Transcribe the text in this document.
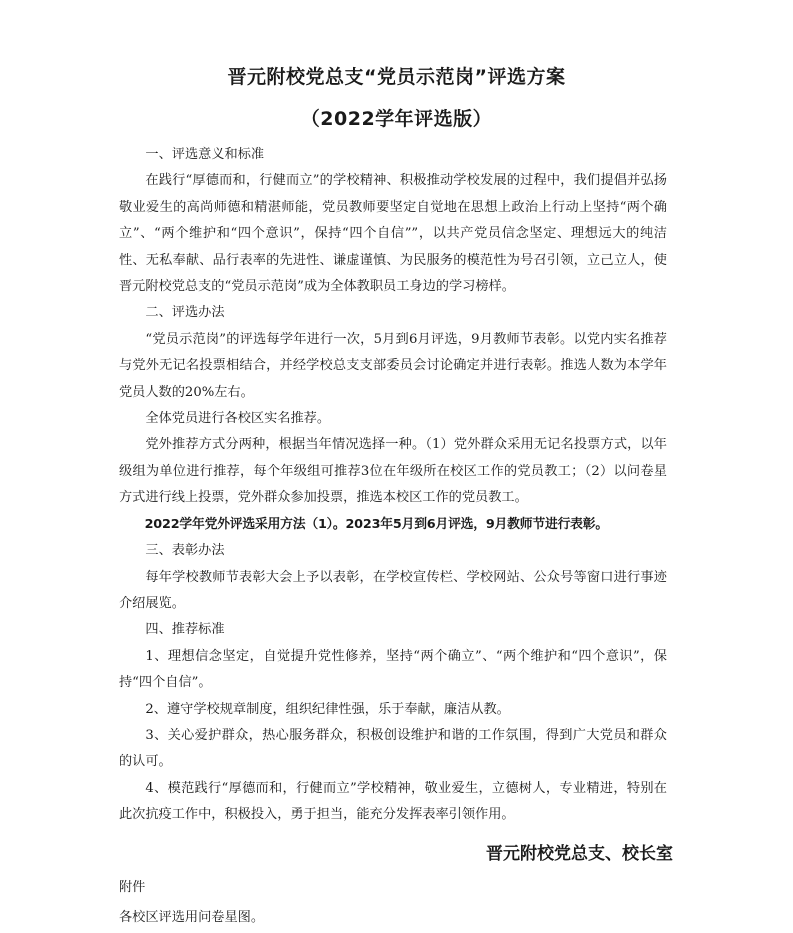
晋元附校党总支“党员示范岗”评选方案
（2022学年评选版）

一、评选意义和标准

在践行“厚德而和，行健而立”的学校精神、积极推动学校发展的过程中，我们提倡并弘扬敬业爱生的高尚师德和精湛师能，党员教师要坚定自觉地在思想上政治上行动上坚持“两个确立”、“两个维护和“四个意识”，保持“四个自信””，以共产党员信念坚定、理想远大的纯洁性、无私奉献、品行表率的先进性、谦虚谨慎、为民服务的模范性为号召引领，立己立人，使晋元附校党总支的“党员示范岗”成为全体教职员工身边的学习榜样。

二、评选办法

“党员示范岗”的评选每学年进行一次，5月到6月评选，9月教师节表彰。以党内实名推荐与党外无记名投票相结合，并经学校总支支部委员会讨论确定并进行表彰。推选人数为本学年党员人数的20%左右。

全体党员进行各校区实名推荐。

党外推荐方式分两种，根据当年情况选择一种。（1）党外群众采用无记名投票方式，以年级组为单位进行推荐，每个年级组可推荐3位在年级所在校区工作的党员教工；（2）以问卷星方式进行线上投票，党外群众参加投票，推选本校区工作的党员教工。

2022学年党外评选采用方法（1）。2023年5月到6月评选，9月教师节进行表彰。

三、表彰办法

每年学校教师节表彰大会上予以表彰，在学校宣传栏、学校网站、公众号等窗口进行事迹介绍展览。

四、推荐标准

1、理想信念坚定，自觉提升党性修养，坚持“两个确立”、“两个维护和“四个意识”，保持“四个自信”。

2、遵守学校规章制度，组织纪律性强，乐于奉献，廉洁从教。

3、关心爱护群众，热心服务群众，积极创设维护和谐的工作氛围，得到广大党员和群众的认可。

4、模范践行“厚德而和，行健而立”学校精神，敬业爱生，立德树人，专业精进，特别在此次抗疫工作中，积极投入，勇于担当，能充分发挥表率引领作用。

晋元附校党总支、校长室
附件
各校区评选用问卷星图。
